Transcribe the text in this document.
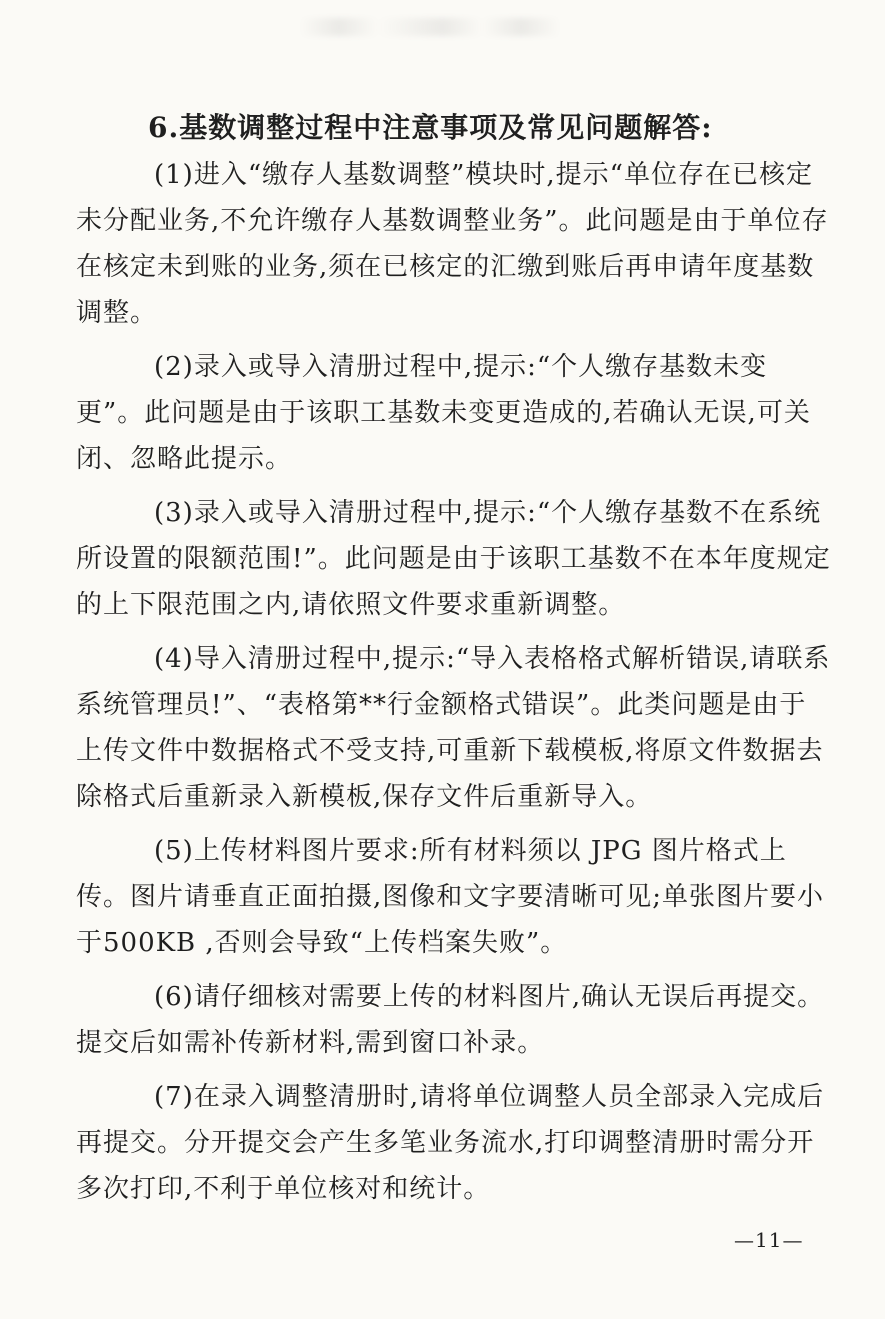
6.基数调整过程中注意事项及常见问题解答:

(1)进入“缴存人基数调整”模块时,提示“单位存在已核定未分配业务,不允许缴存人基数调整业务”。此问题是由于单位存在核定未到账的业务,须在已核定的汇缴到账后再申请年度基数调整。

(2)录入或导入清册过程中,提示:“个人缴存基数未变更”。此问题是由于该职工基数未变更造成的,若确认无误,可关闭、忽略此提示。

(3)录入或导入清册过程中,提示:“个人缴存基数不在系统所设置的限额范围!”。此问题是由于该职工基数不在本年度规定的上下限范围之内,请依照文件要求重新调整。

(4)导入清册过程中,提示:“导入表格格式解析错误,请联系系统管理员!”、“表格第**行金额格式错误”。此类问题是由于上传文件中数据格式不受支持,可重新下载模板,将原文件数据去除格式后重新录入新模板,保存文件后重新导入。

(5)上传材料图片要求:所有材料须以 JPG 图片格式上传。图片请垂直正面拍摄,图像和文字要清晰可见;单张图片要小于500KB ,否则会导致“上传档案失败”。

(6)请仔细核对需要上传的材料图片,确认无误后再提交。提交后如需补传新材料,需到窗口补录。

(7)在录入调整清册时,请将单位调整人员全部录入完成后再提交。分开提交会产生多笔业务流水,打印调整清册时需分开多次打印,不利于单位核对和统计。

—11—
